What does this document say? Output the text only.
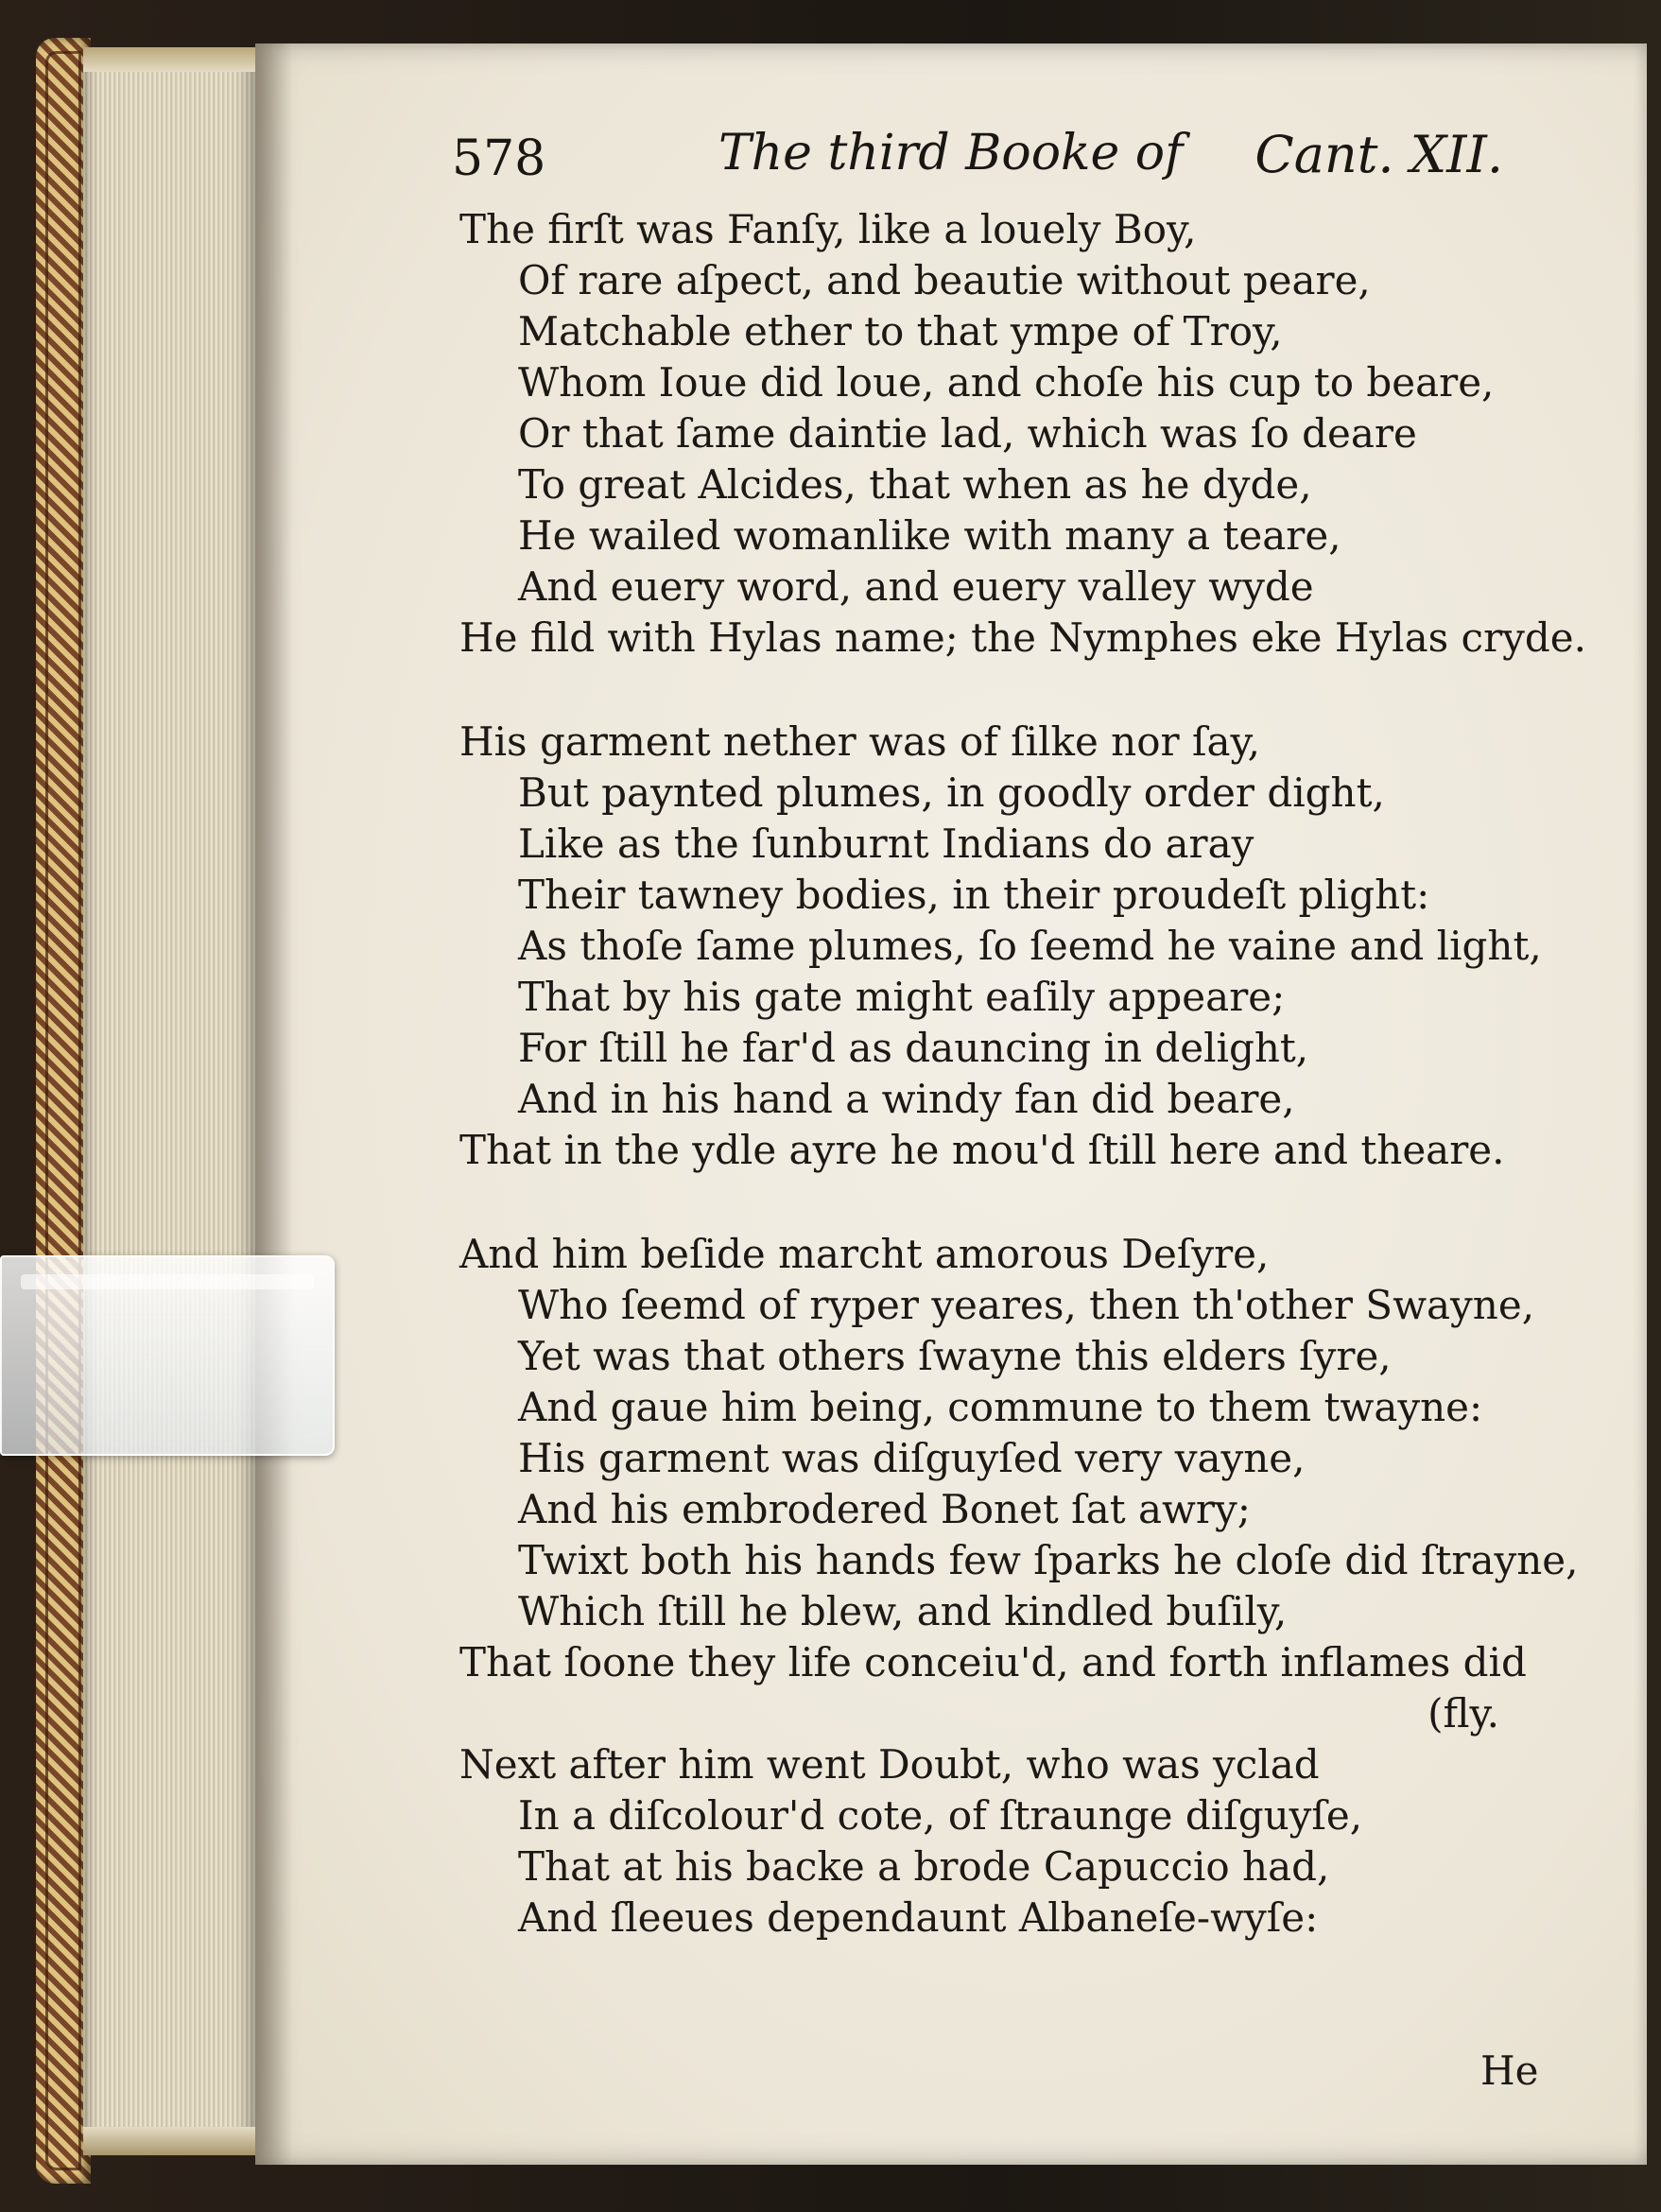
578	The third Booke of Cant. XII.
The firſt was Fanſy, like a louely Boy,
Of rare aſpect, and beautie without peare,
Matchable ether to that ympe of Troy,
Whom Ioue did loue, and choſe his cup to beare,
Or that ſame daintie lad, which was ſo deare
To great Alcides, that when as he dyde,
He wailed womanlike with many a teare,
And euery word, and euery valley wyde
He fild with Hylas name; the Nymphes eke Hylas cryde.
His garment nether was of ſilke nor ſay,
But paynted plumes, in goodly order dight,
Like as the ſunburnt Indians do aray
Their tawney bodies, in their proudeſt plight:
As thoſe ſame plumes, ſo ſeemd he vaine and light,
That by his gate might eaſily appeare;
For ſtill he far'd as dauncing in delight,
And in his hand a windy fan did beare,
That in the ydle ayre he mou'd ſtill here and theare.
And him beſide marcht amorous Deſyre,
Who ſeemd of ryper yeares, then th'other Swayne,
Yet was that others ſwayne this elders ſyre,
And gaue him being, commune to them twayne:
His garment was diſguyſed very vayne,
And his embrodered Bonet ſat awry;
Twixt both his hands few ſparks he cloſe did ſtrayne,
Which ſtill he blew, and kindled buſily,
That ſoone they life conceiu'd, and forth inflames did
(fly.
Next after him went Doubt, who was yclad
In a diſcolour'd cote, of ſtraunge diſguyſe,
That at his backe a brode Capuccio had,
And ſleeues dependaunt Albaneſe-wyſe:
He
